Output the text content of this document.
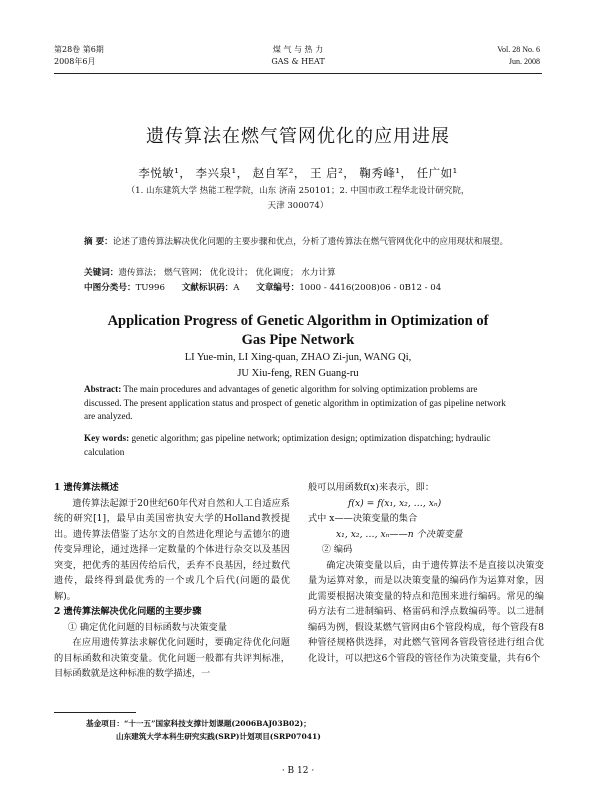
第28卷 第6期
2008年6月
煤 气 与 热 力
GAS & HEAT
Vol. 28 No. 6
Jun. 2008
遗传算法在燃气管网优化的应用进展
李悦敏¹， 李兴泉¹， 赵自军²， 王 启²， 鞠秀峰¹， 任广如¹
（1. 山东建筑大学 热能工程学院，山东 济南 250101；2. 中国市政工程华北设计研究院，
天津 300074）
摘 要：论述了遗传算法解决优化问题的主要步骤和优点，分析了遗传算法在燃气管网优化中的应用现状和展望。
关键词：遗传算法； 燃气管网； 优化设计； 优化调度； 水力计算
中图分类号：TU996 文献标识码：A 文章编号：1000 - 4416(2008)06 - 0B12 - 04
Application Progress of Genetic Algorithm in Optimization of
Gas Pipe Network
LI Yue-min, LI Xing-quan, ZHAO Zi-jun, WANG Qi,
JU Xiu-feng, REN Guang-ru
Abstract: The main procedures and advantages of genetic algorithm for solving optimization problems are discussed. The present application status and prospect of genetic algorithm in optimization of gas pipeline network are analyzed.
Key words: genetic algorithm; gas pipeline network; optimization design; optimization dispatching; hydraulic calculation

1 遗传算法概述

遗传算法起源于20世纪60年代对自然和人工自适应系统的研究[1]，最早由美国密执安大学的Holland教授提出。遗传算法借鉴了达尔文的自然进化理论与孟德尔的遗传变异理论，通过选择一定数量的个体进行杂交以及基因突变，把优秀的基因传给后代，丢弃不良基因，经过数代遗传，最终得到最优秀的一个或几个后代(问题的最优解)。

2 遗传算法解决优化问题的主要步骤

① 确定优化问题的目标函数与决策变量

在应用遗传算法求解优化问题时，要确定待优化问题的目标函数和决策变量。优化问题一般都有共评判标准，目标函数就是这种标准的数学描述，一

般可以用函数f(x)来表示，即：

f(x) = f(x₁, x₂, …, xₙ)

式中 x——决策变量的集合

x₁, x₂, …, xₙ——n 个决策变量

② 编码

确定决策变量以后，由于遗传算法不是直接以决策变量为运算对象，而是以决策变量的编码作为运算对象，因此需要根据决策变量的特点和范围来进行编码。常见的编码方法有二进制编码、格雷码和浮点数编码等。以二进制编码为例，假设某燃气管网由6个管段构成，每个管段有8种管径规格供选择，对此燃气管网各管段管径进行组合优化设计，可以把这6个管段的管径作为决策变量，共有6个

基金项目：“十一五”国家科技支撑计划课题(2006BAJ03B02)；
山东建筑大学本科生研究实践(SRP)计划项目(SRP07041)
· B 12 ·
